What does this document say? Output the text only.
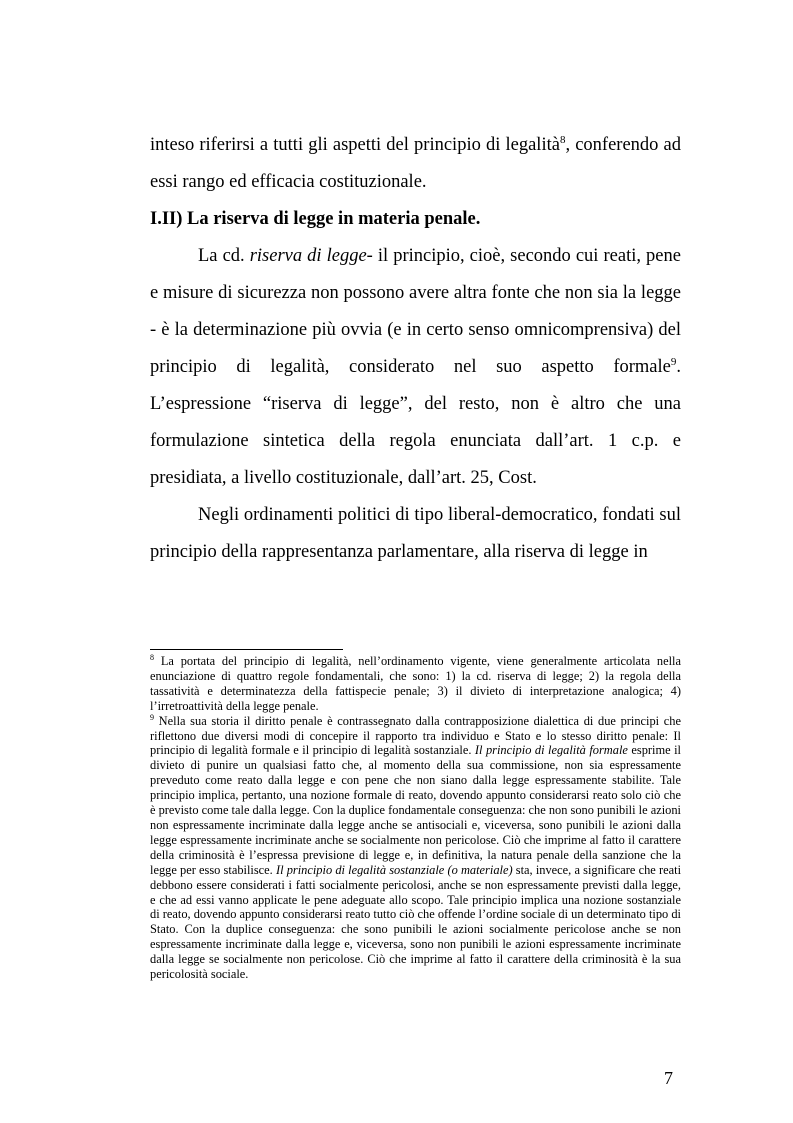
inteso riferirsi a tutti gli aspetti del principio di legalità$^8$, conferendo ad essi rango ed efficacia costituzionale.

I.II) La riserva di legge in materia penale.

La cd. riserva di legge- il principio, cioè, secondo cui reati, pene e misure di sicurezza non possono avere altra fonte che non sia la legge - è la determinazione più ovvia (e in certo senso omnicomprensiva) del principio di legalità, considerato nel suo aspetto formale$^9$. L’espressione “riserva di legge”, del resto, non è altro che una formulazione sintetica della regola enunciata dall’art. 1 c.p. e presidiata, a livello costituzionale, dall’art. 25, Cost.

Negli ordinamenti politici di tipo liberal-democratico, fondati sul principio della rappresentanza parlamentare, alla riserva di legge in

$^8$ La portata del principio di legalità, nell’ordinamento vigente, viene generalmente articolata nella enunciazione di quattro regole fondamentali, che sono: 1) la cd. riserva di legge; 2) la regola della tassatività e determinatezza della fattispecie penale; 3) il divieto di interpretazione analogica; 4) l’irretroattività della legge penale.

$^9$ Nella sua storia il diritto penale è contrassegnato dalla contrapposizione dialettica di due principi che riflettono due diversi modi di concepire il rapporto tra individuo e Stato e lo stesso diritto penale: Il principio di legalità formale e il principio di legalità sostanziale. Il principio di legalità formale esprime il divieto di punire un qualsiasi fatto che, al momento della sua commissione, non sia espressamente preveduto come reato dalla legge e con pene che non siano dalla legge espressamente stabilite. Tale principio implica, pertanto, una nozione formale di reato, dovendo appunto considerarsi reato solo ciò che è previsto come tale dalla legge. Con la duplice fondamentale conseguenza: che non sono punibili le azioni non espressamente incriminate dalla legge anche se antisociali e, viceversa, sono punibili le azioni dalla legge espressamente incriminate anche se socialmente non pericolose. Ciò che imprime al fatto il carattere della criminosità è l’espressa previsione di legge e, in definitiva, la natura penale della sanzione che la legge per esso stabilisce. Il principio di legalità sostanziale (o materiale) sta, invece, a significare che reati debbono essere considerati i fatti socialmente pericolosi, anche se non espressamente previsti dalla legge, e che ad essi vanno applicate le pene adeguate allo scopo. Tale principio implica una nozione sostanziale di reato, dovendo appunto considerarsi reato tutto ciò che offende l’ordine sociale di un determinato tipo di Stato. Con la duplice conseguenza: che sono punibili le azioni socialmente pericolose anche se non espressamente incriminate dalla legge e, viceversa, sono non punibili le azioni espressamente incriminate dalla legge se socialmente non pericolose. Ciò che imprime al fatto il carattere della criminosità è la sua pericolosità sociale.

7
